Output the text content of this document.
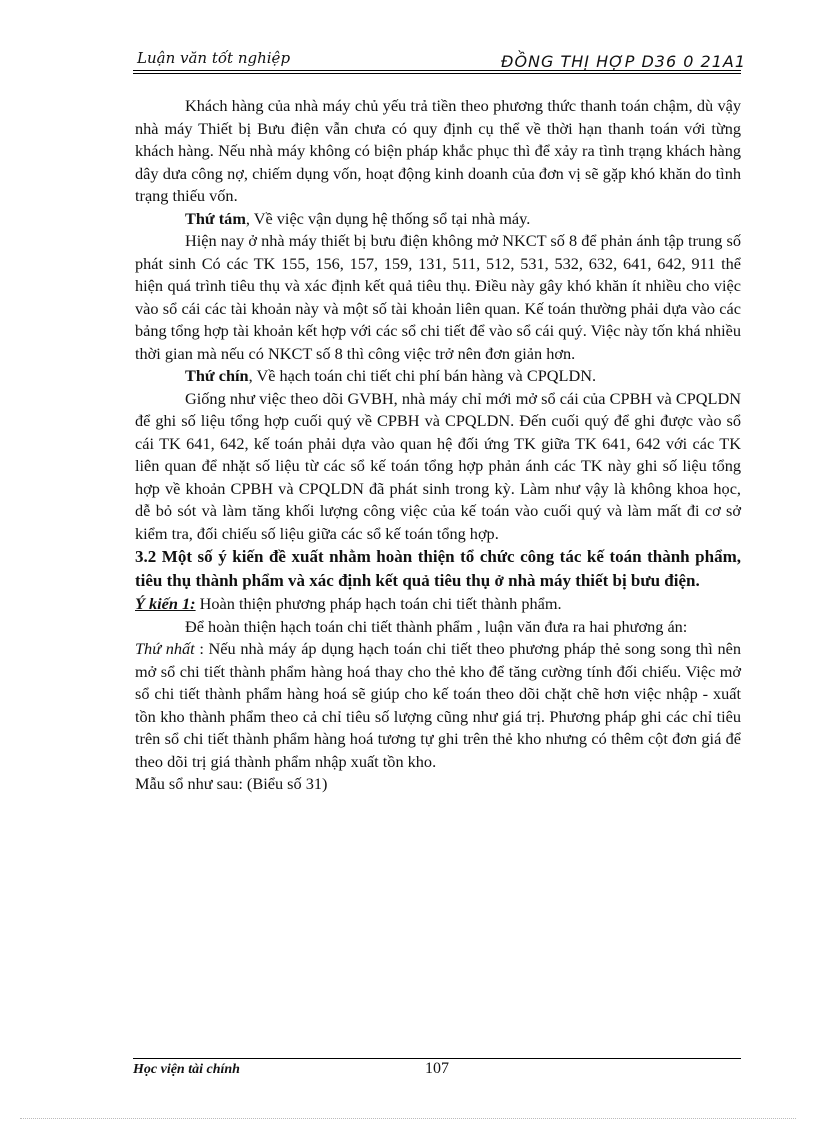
Luận văn tốt nghiệp	ĐỒNG THỊ HỢP D36 0 21A1

Khách hàng của nhà máy chủ yếu trả tiền theo phương thức thanh toán chậm, dù vậy nhà máy Thiết bị Bưu điện vẫn chưa có quy định cụ thể về thời hạn thanh toán với từng khách hàng. Nếu nhà máy không có biện pháp khắc phục thì để xảy ra tình trạng khách hàng dây dưa công nợ, chiếm dụng vốn, hoạt động kinh doanh của đơn vị sẽ gặp khó khăn do tình trạng thiếu vốn.

Thứ tám, Về việc vận dụng hệ thống sổ tại nhà máy.

Hiện nay ở nhà máy thiết bị bưu điện không mở NKCT số 8 để phản ánh tập trung số phát sinh Có các TK 155, 156, 157, 159, 131, 511, 512, 531, 532, 632, 641, 642, 911 thể hiện quá trình tiêu thụ và xác định kết quả tiêu thụ. Điều này gây khó khăn ít nhiều cho việc vào sổ cái các tài khoản này và một số tài khoản liên quan. Kế toán thường phải dựa vào các bảng tổng hợp tài khoản kết hợp với các sổ chi tiết để vào sổ cái quý. Việc này tốn khá nhiều thời gian mà nếu có NKCT số 8 thì công việc trở nên đơn giản hơn.

Thứ chín, Về hạch toán chi tiết chi phí bán hàng và CPQLDN.

Giống như việc theo dõi GVBH, nhà máy chỉ mới mở sổ cái của CPBH và CPQLDN để ghi số liệu tổng hợp cuối quý về CPBH và CPQLDN. Đến cuối quý để ghi được vào sổ cái TK 641, 642, kế toán phải dựa vào quan hệ đối ứng TK giữa TK 641, 642 với các TK liên quan để nhặt số liệu từ các sổ kế toán tổng hợp phản ánh các TK này ghi số liệu tổng hợp về khoản CPBH và CPQLDN đã phát sinh trong kỳ. Làm như vậy là không khoa học, dễ bỏ sót và làm tăng khối lượng công việc của kế toán vào cuối quý và làm mất đi cơ sở kiểm tra, đối chiếu số liệu giữa các sổ kế toán tổng hợp.

3.2 Một số ý kiến đề xuất nhằm hoàn thiện tổ chức công tác kế toán thành phẩm, tiêu thụ thành phẩm và xác định kết quả tiêu thụ ở nhà máy thiết bị bưu điện.

Ý kiến 1: Hoàn thiện phương pháp hạch toán chi tiết thành phẩm.

Để hoàn thiện hạch toán chi tiết thành phẩm , luận văn đưa ra hai phương án:

Thứ nhất : Nếu nhà máy áp dụng hạch toán chi tiết theo phương pháp thẻ song song thì nên mở sổ chi tiết thành phẩm hàng hoá thay cho thẻ kho để tăng cường tính đối chiếu. Việc mở sổ chi tiết thành phẩm hàng hoá sẽ giúp cho kế toán theo dõi chặt chẽ hơn việc nhập - xuất tồn kho thành phẩm theo cả chỉ tiêu số lượng cũng như giá trị. Phương pháp ghi các chỉ tiêu trên sổ chi tiết thành phẩm hàng hoá tương tự ghi trên thẻ kho nhưng có thêm cột đơn giá để theo dõi trị giá thành phẩm nhập xuất tồn kho.

Mẫu sổ như sau: (Biểu số 31)

Học viện tài chính	107
